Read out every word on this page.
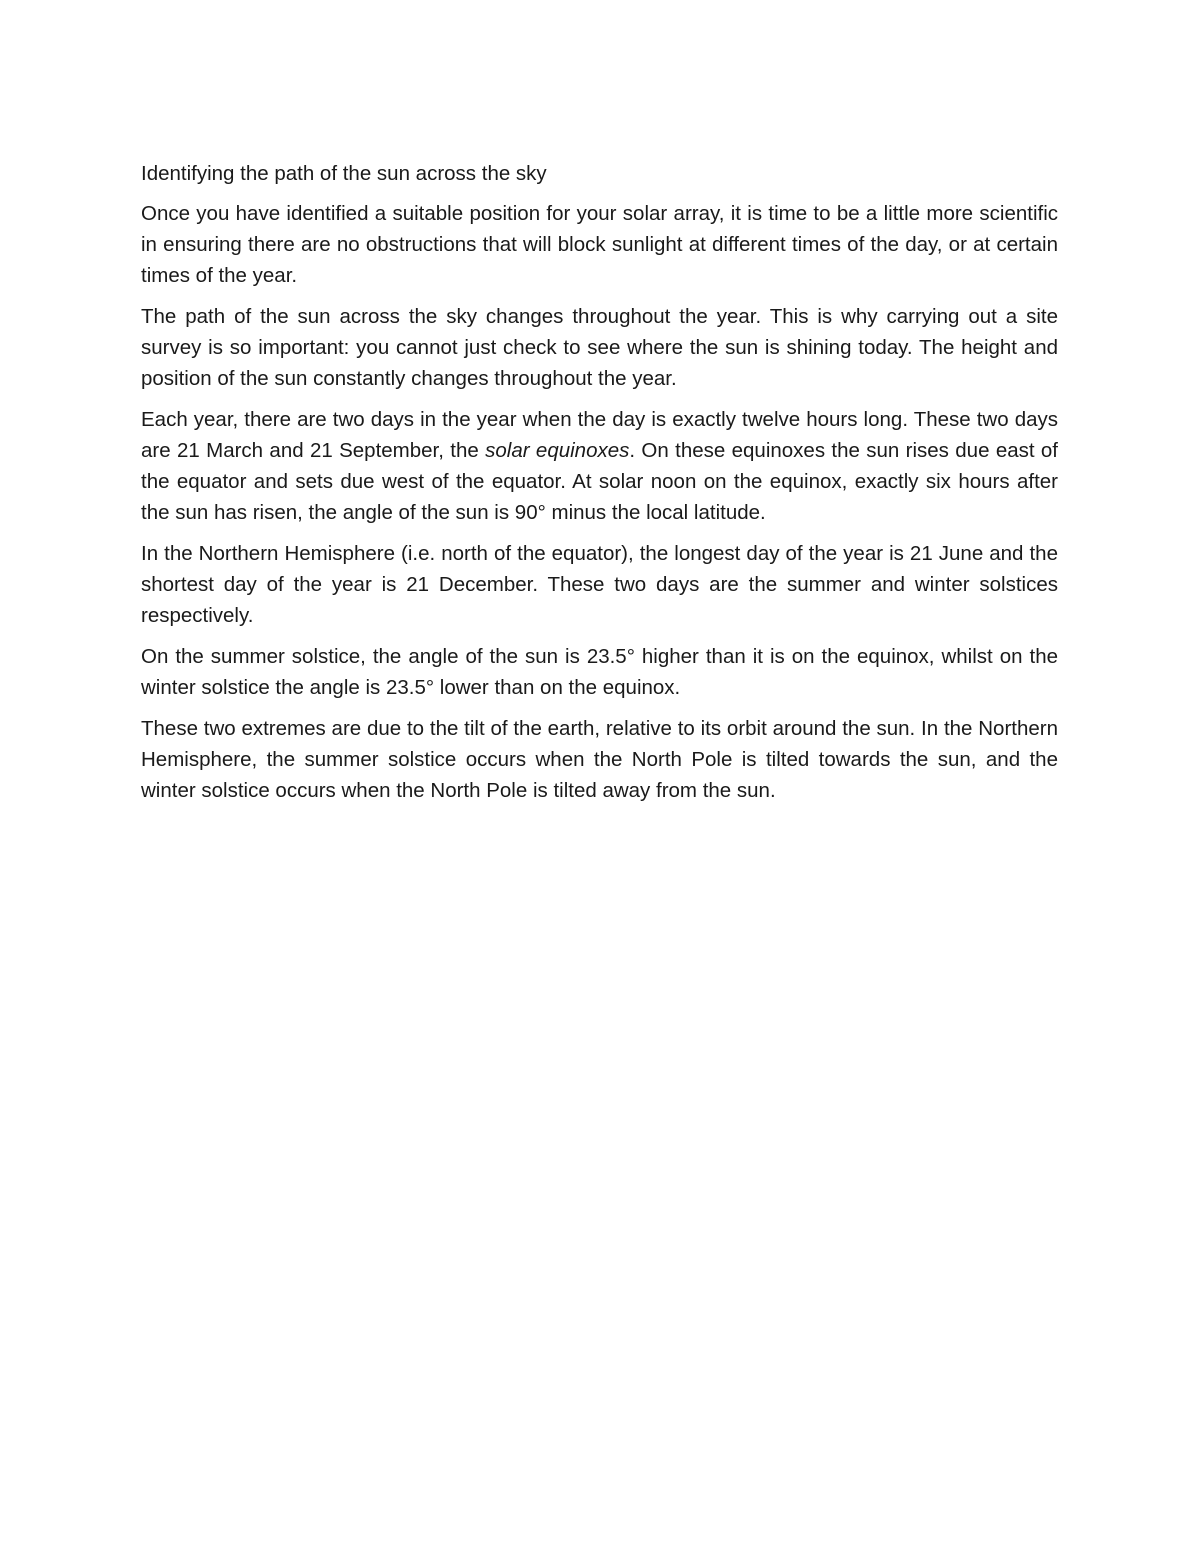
Identifying the path of the sun across the sky

Once you have identified a suitable position for your solar array, it is time to be a little more scientific in ensuring there are no obstructions that will block sunlight at different times of the day, or at certain times of the year.

The path of the sun across the sky changes throughout the year. This is why carrying out a site survey is so important: you cannot just check to see where the sun is shining today. The height and position of the sun constantly changes throughout the year.

Each year, there are two days in the year when the day is exactly twelve hours long. These two days are 21 March and 21 September, the solar equinoxes. On these equinoxes the sun rises due east of the equator and sets due west of the equator. At solar noon on the equinox, exactly six hours after the sun has risen, the angle of the sun is 90° minus the local latitude.

In the Northern Hemisphere (i.e. north of the equator), the longest day of the year is 21 June and the shortest day of the year is 21 December. These two days are the summer and winter solstices respectively.

On the summer solstice, the angle of the sun is 23.5° higher than it is on the equinox, whilst on the winter solstice the angle is 23.5° lower than on the equinox.

These two extremes are due to the tilt of the earth, relative to its orbit around the sun. In the Northern Hemisphere, the summer solstice occurs when the North Pole is tilted towards the sun, and the winter solstice occurs when the North Pole is tilted away from the sun.
